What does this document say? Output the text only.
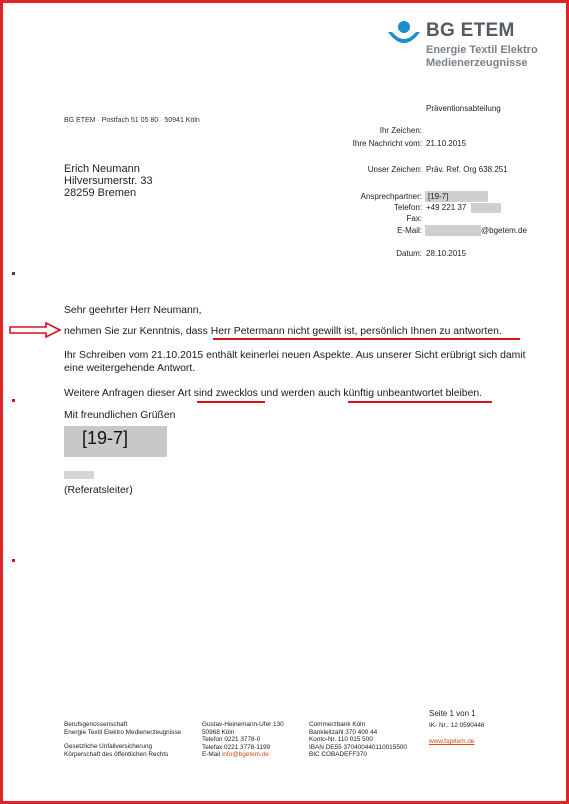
BG ETEM
Energie Textil Elektro
Medienerzeugnisse
Präventionsabteilung
BG ETEM · Postfach 51 05 80 · 50941 Köln
Ihr Zeichen:
Ihre Nachricht vom: 21.10.2015
Unser Zeichen: Präv. Ref. Org 638.251
Ansprechpartner: [19-7]
Telefon: +49 221 37
Fax:
E-Mail:	@bgetem.de
Datum: 28.10.2015
Erich Neumann
Hilversumerstr. 33
28259 Bremen
Sehr geehrter Herr Neumann,
nehmen Sie zur Kenntnis, dass Herr Petermann nicht gewillt ist, persönlich Ihnen zu antworten.
Ihr Schreiben vom 21.10.2015 enthält keinerlei neuen Aspekte. Aus unserer Sicht erübrigt sich damit
eine weitergehende Antwort.
Weitere Anfragen dieser Art sind zwecklos und werden auch künftig unbeantwortet bleiben.
Mit freundlichen Grüßen
[19-7]
(Referatsleiter)
Seite 1 von 1
Berufsgenossenschaft
Energie Textil Elektro Medienerzeugnisse
Gesetzliche Unfallversicherung
Körperschaft des öffentlichen Rechts
Gustav-Heinemann-Ufer 130
50968 Köln
Telefon 0221 3778-0
Telefax 0221 3778-1199
E-Mail info@bgetem.de
Commerzbank Köln
Bankleitzahl 370 400 44
Konto-Nr. 110 015 500
IBAN DE55 370400440110015500
BIC COBADEFF370
IK- Nr.: 12 0590446
www.bgetem.de
